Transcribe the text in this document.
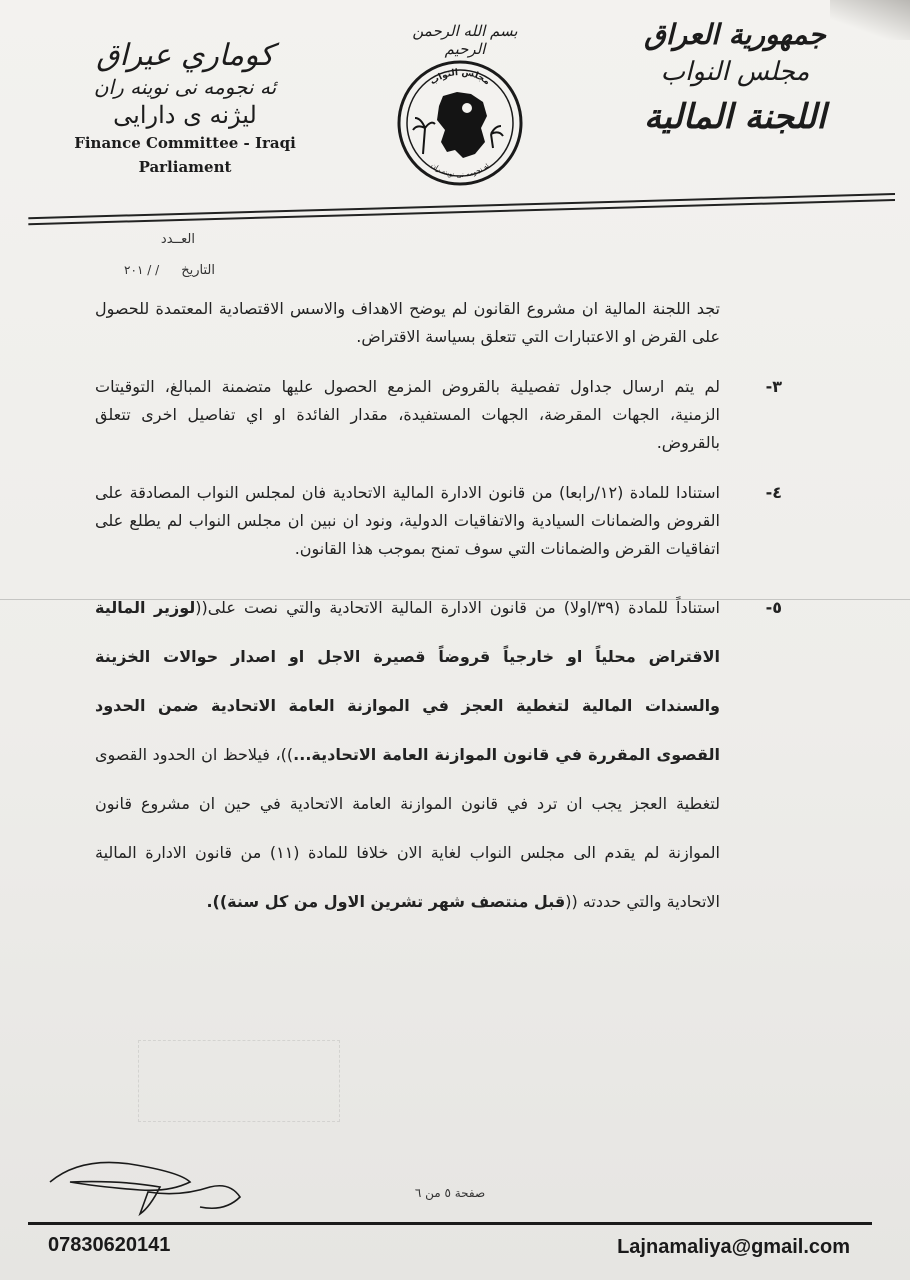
جمهورية العراق
مجلس النواب
اللجنة المالية
بسم الله الرحمن الرحيم
مجلس النواب
ئه نجومه نى نوينه ران
كوماري عيراق
ئه نجومه نى نوينه ران
ليژنه ى دارايى
Finance Committee - Iraqi
Parliament
العــدد
التاريخ / / ٢٠١
تجد اللجنة المالية ان مشروع القانون لم يوضح الاهداف والاسس الاقتصادية المعتمدة للحصول على القرض او الاعتبارات التي تتعلق بسياسة الاقتراض.
٣-
لم يتم ارسال جداول تفصيلية بالقروض المزمع الحصول عليها متضمنة المبالغ، التوقيتات الزمنية، الجهات المقرضة، الجهات المستفيدة، مقدار الفائدة او اي تفاصيل اخرى تتعلق بالقروض.
٤-
استنادا للمادة (١٢/رابعا) من قانون الادارة المالية الاتحادية فان لمجلس النواب المصادقة على القروض والضمانات السيادية والاتفاقيات الدولية، ونود ان نبين ان مجلس النواب لم يطلع على اتفاقيات القرض والضمانات التي سوف تمنح بموجب هذا القانون.
٥-
استناداً للمادة (٣٩/اولا) من قانون الادارة المالية الاتحادية والتي نصت على((لوزير المالية الاقتراض محلياً او خارجياً قروضاً قصيرة الاجل او اصدار حوالات الخزينة والسندات المالية لتغطية العجز في الموازنة العامة الاتحادية ضمن الحدود القصوى المقررة في قانون الموازنة العامة الاتحادية...))، فيلاحظ ان الحدود القصوى لتغطية العجز يجب ان ترد في قانون الموازنة العامة الاتحادية في حين ان مشروع قانون الموازنة لم يقدم الى مجلس النواب لغاية الان خلافا للمادة (١١) من قانون الادارة المالية الاتحادية والتي حددته ((قبل منتصف شهر تشرين الاول من كل سنة)).
صفحة ٥ من ٦
07830620141	Lajnamaliya@gmail.com
